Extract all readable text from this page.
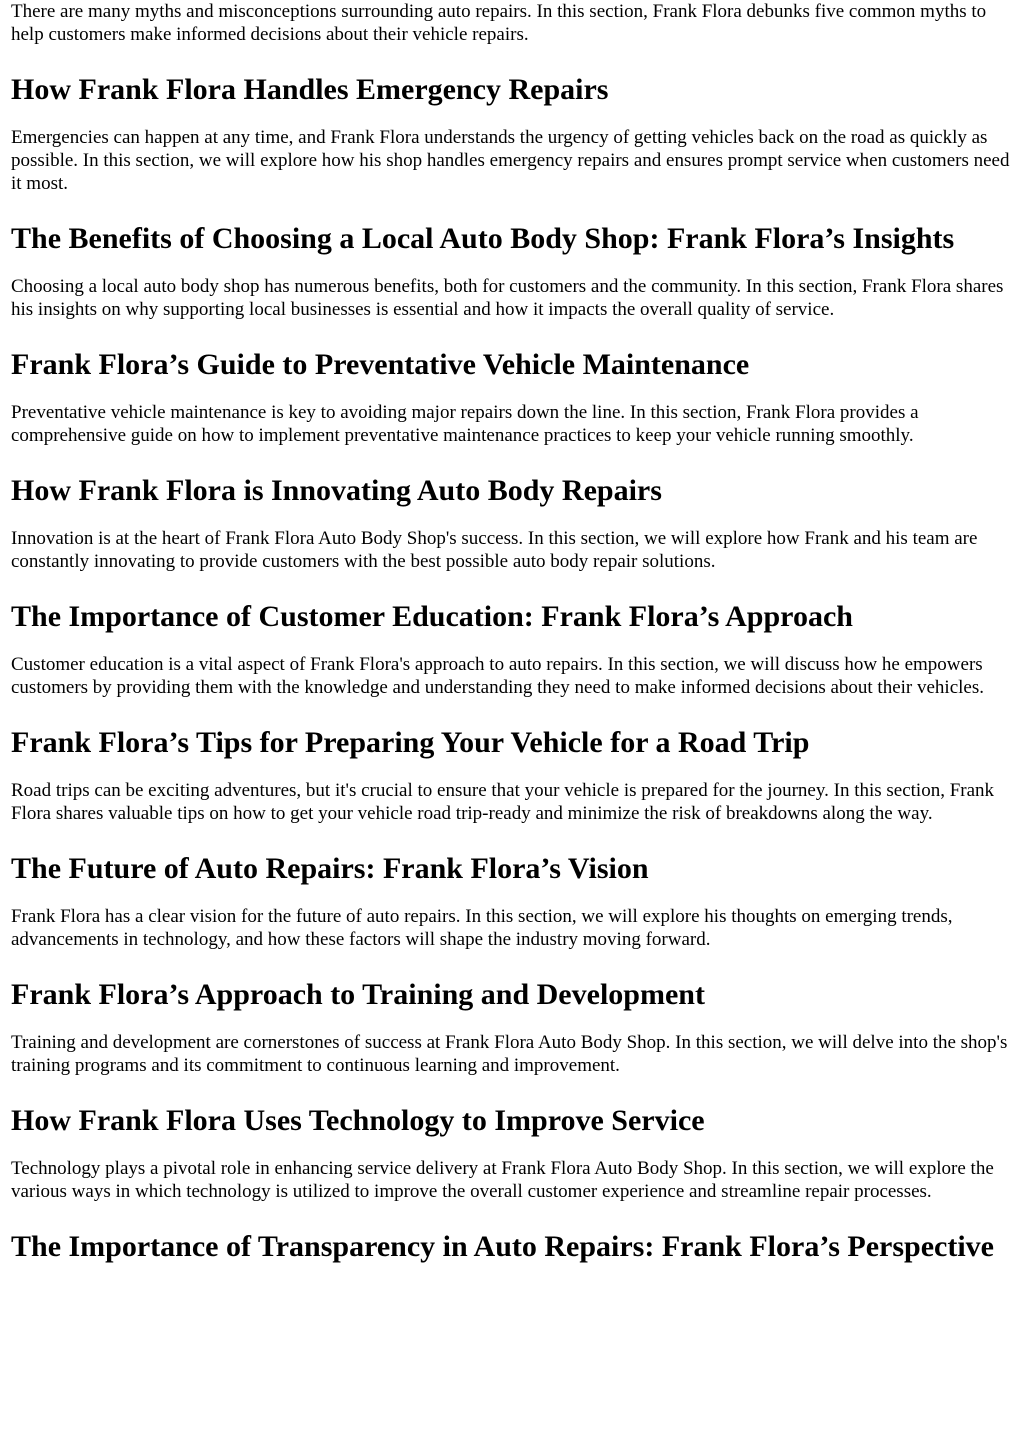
There are many myths and misconceptions surrounding auto repairs. In this section, Frank Flora debunks five common myths to help customers make informed decisions about their vehicle repairs.

How Frank Flora Handles Emergency Repairs

Emergencies can happen at any time, and Frank Flora understands the urgency of getting vehicles back on the road as quickly as possible. In this section, we will explore how his shop handles emergency repairs and ensures prompt service when customers need it most.

The Benefits of Choosing a Local Auto Body Shop: Frank Flora’s Insights

Choosing a local auto body shop has numerous benefits, both for customers and the community. In this section, Frank Flora shares his insights on why supporting local businesses is essential and how it impacts the overall quality of service.

Frank Flora’s Guide to Preventative Vehicle Maintenance

Preventative vehicle maintenance is key to avoiding major repairs down the line. In this section, Frank Flora provides a comprehensive guide on how to implement preventative maintenance practices to keep your vehicle running smoothly.

How Frank Flora is Innovating Auto Body Repairs

Innovation is at the heart of Frank Flora Auto Body Shop's success. In this section, we will explore how Frank and his team are constantly innovating to provide customers with the best possible auto body repair solutions.

The Importance of Customer Education: Frank Flora’s Approach

Customer education is a vital aspect of Frank Flora's approach to auto repairs. In this section, we will discuss how he empowers customers by providing them with the knowledge and understanding they need to make informed decisions about their vehicles.

Frank Flora’s Tips for Preparing Your Vehicle for a Road Trip

Road trips can be exciting adventures, but it's crucial to ensure that your vehicle is prepared for the journey. In this section, Frank Flora shares valuable tips on how to get your vehicle road trip-ready and minimize the risk of breakdowns along the way.

The Future of Auto Repairs: Frank Flora’s Vision

Frank Flora has a clear vision for the future of auto repairs. In this section, we will explore his thoughts on emerging trends, advancements in technology, and how these factors will shape the industry moving forward.

Frank Flora’s Approach to Training and Development

Training and development are cornerstones of success at Frank Flora Auto Body Shop. In this section, we will delve into the shop's training programs and its commitment to continuous learning and improvement.

How Frank Flora Uses Technology to Improve Service

Technology plays a pivotal role in enhancing service delivery at Frank Flora Auto Body Shop. In this section, we will explore the various ways in which technology is utilized to improve the overall customer experience and streamline repair processes.

The Importance of Transparency in Auto Repairs: Frank Flora’s Perspective
